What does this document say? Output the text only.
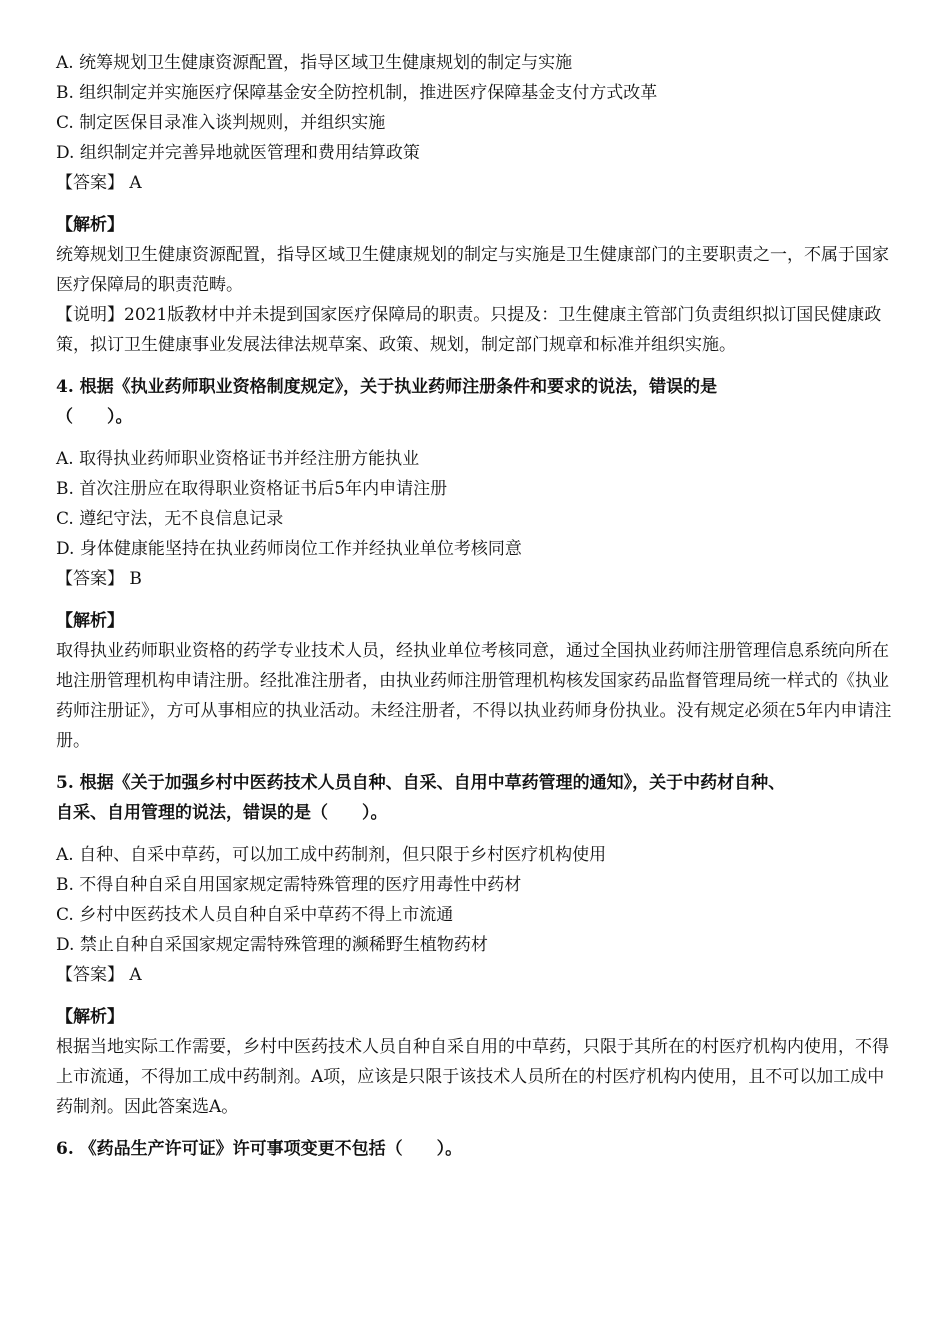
A. 统筹规划卫生健康资源配置，指导区域卫生健康规划的制定与实施
B. 组织制定并实施医疗保障基金安全防控机制，推进医疗保障基金支付方式改革
C. 制定医保目录准入谈判规则，并组织实施
D. 组织制定并完善异地就医管理和费用结算政策
【答案】 A
【解析】
统筹规划卫生健康资源配置，指导区域卫生健康规划的制定与实施是卫生健康部门的主要职责之一，不属于国家医疗保障局的职责范畴。
【说明】2021版教材中并未提到国家医疗保障局的职责。只提及：卫生健康主管部门负责组织拟订国民健康政策，拟订卫生健康事业发展法律法规草案、政策、规划，制定部门规章和标准并组织实施。
4. 根据《执业药师职业资格制度规定》，关于执业药师注册条件和要求的说法，错误的是
（　　）。
A. 取得执业药师职业资格证书并经注册方能执业
B. 首次注册应在取得职业资格证书后5年内申请注册
C. 遵纪守法，无不良信息记录
D. 身体健康能坚持在执业药师岗位工作并经执业单位考核同意
【答案】 B
【解析】
取得执业药师职业资格的药学专业技术人员，经执业单位考核同意，通过全国执业药师注册管理信息系统向所在地注册管理机构申请注册。经批准注册者，由执业药师注册管理机构核发国家药品监督管理局统一样式的《执业药师注册证》，方可从事相应的执业活动。未经注册者，不得以执业药师身份执业。没有规定必须在5年内申请注册。
5. 根据《关于加强乡村中医药技术人员自种、自采、自用中草药管理的通知》，关于中药材自种、
自采、自用管理的说法，错误的是（　　）。
A. 自种、自采中草药，可以加工成中药制剂，但只限于乡村医疗机构使用
B. 不得自种自采自用国家规定需特殊管理的医疗用毒性中药材
C. 乡村中医药技术人员自种自采中草药不得上市流通
D. 禁止自种自采国家规定需特殊管理的濒稀野生植物药材
【答案】 A
【解析】
根据当地实际工作需要，乡村中医药技术人员自种自采自用的中草药，只限于其所在的村医疗机构内使用，不得上市流通，不得加工成中药制剂。A项，应该是只限于该技术人员所在的村医疗机构内使用，且不可以加工成中药制剂。因此答案选A。
6. 《药品生产许可证》许可事项变更不包括（　　）。
